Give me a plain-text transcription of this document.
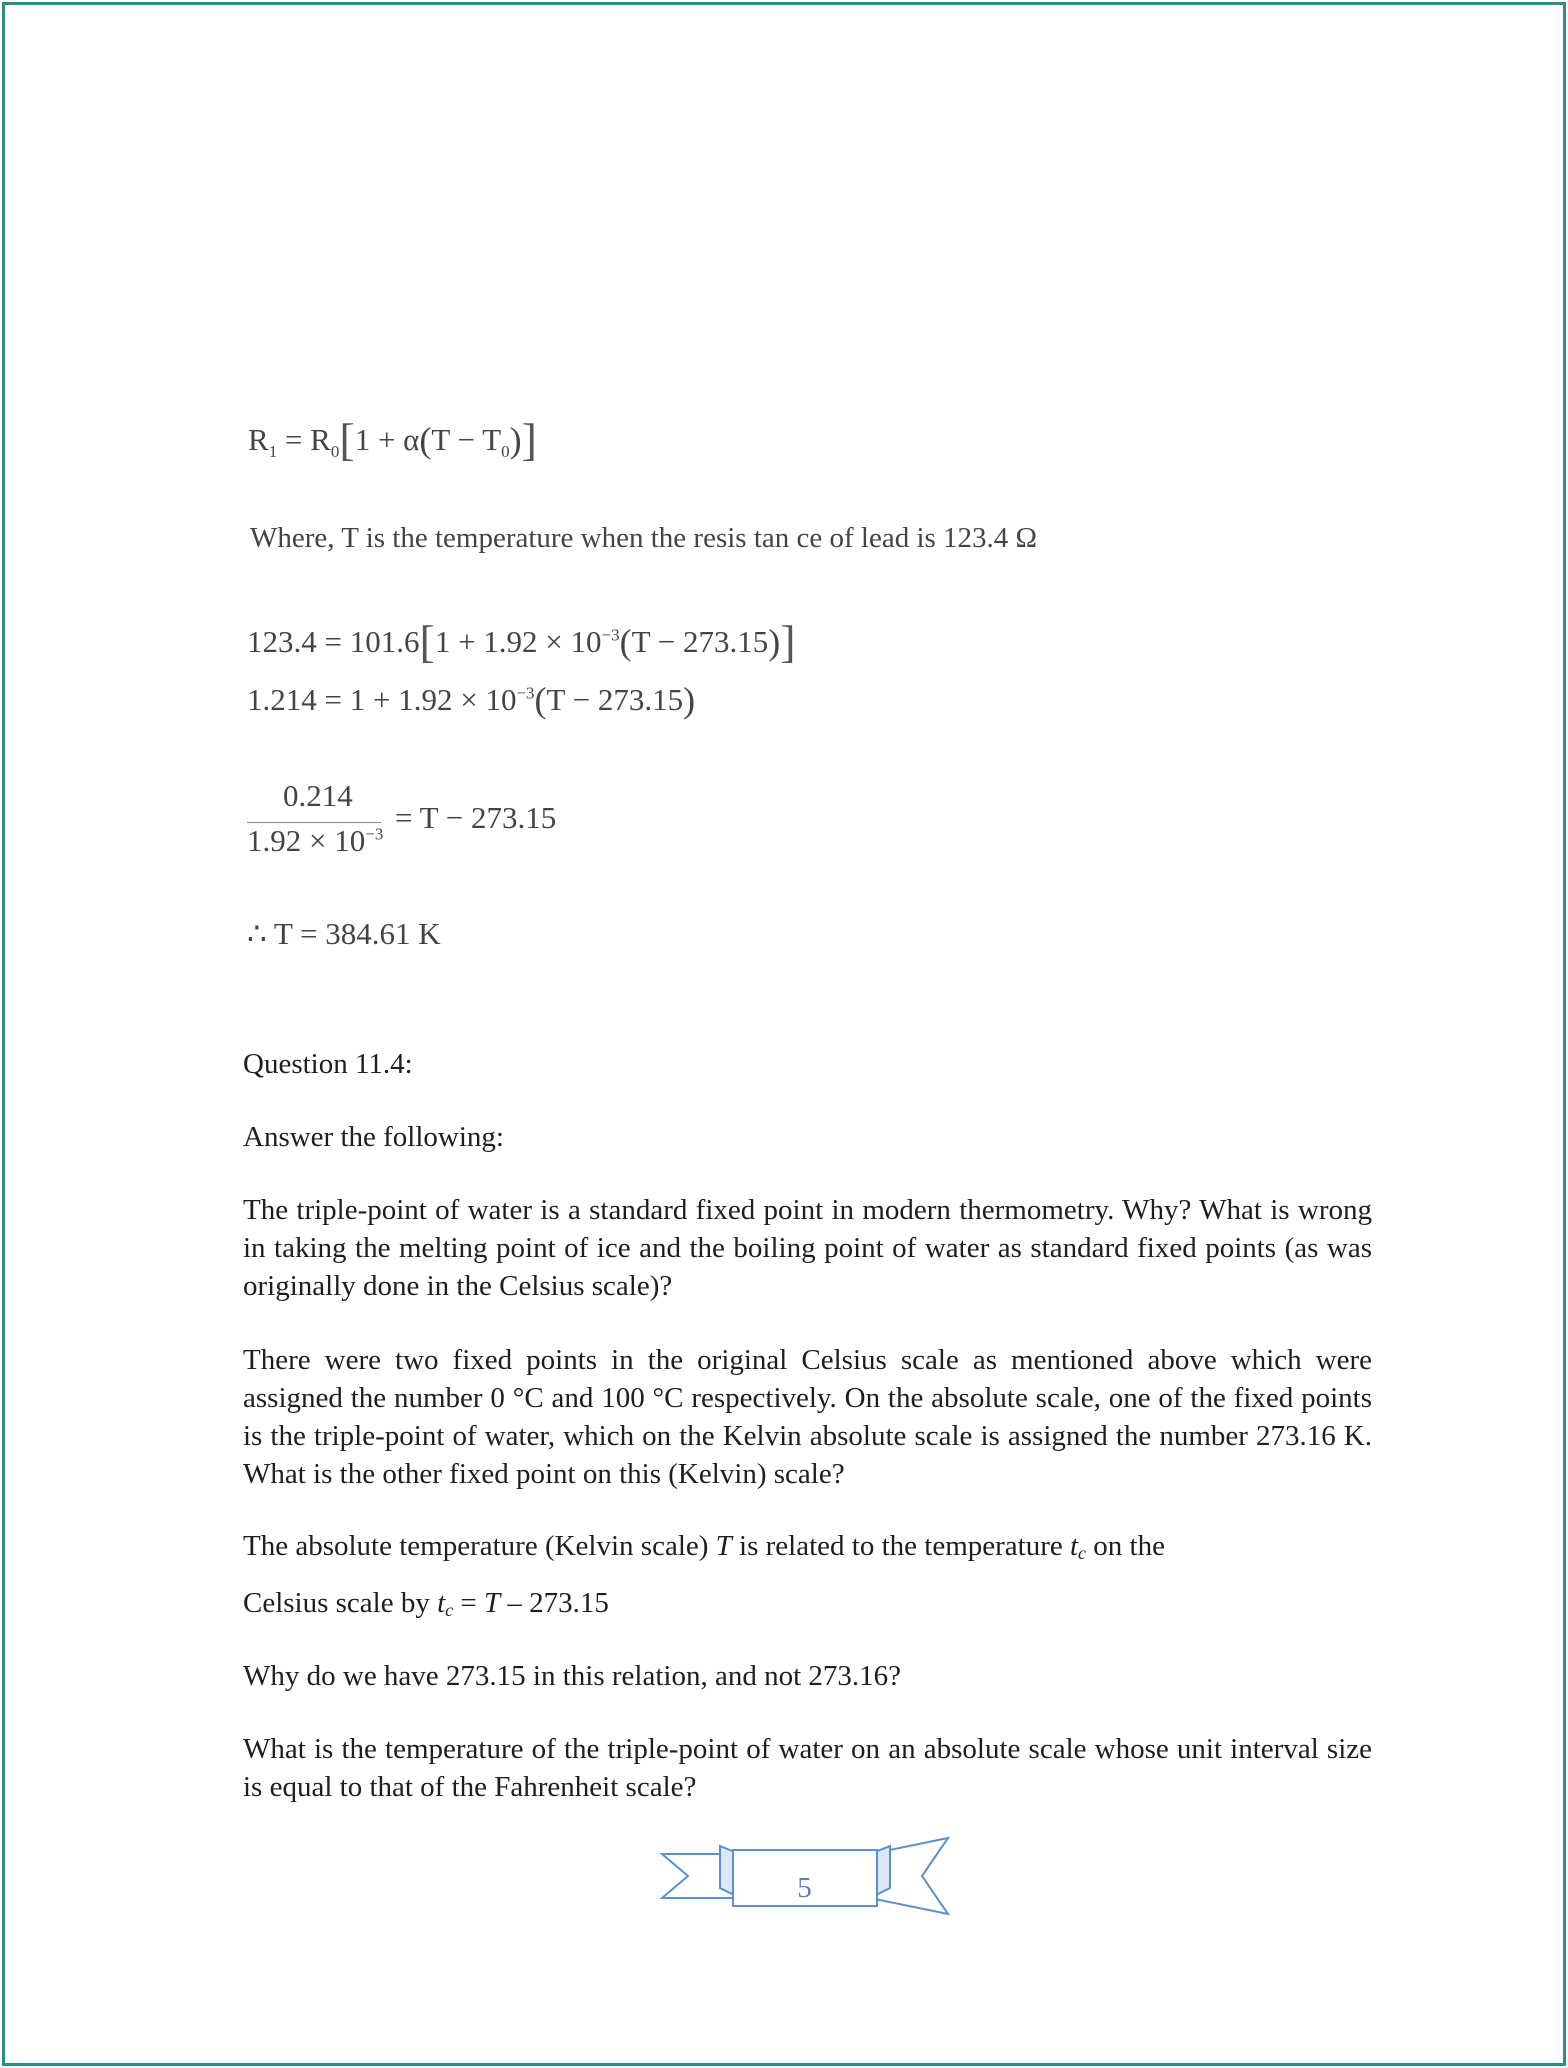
$R_1 = R_0[1 + \alpha(T - T_0)]$
Where, T is the temperature when the resis tan ce of lead is 123.4 Ω
$123.4 = 101.6[1 + 1.92 \times 10^{-3}(T - 273.15)]$
$1.214 = 1 + 1.92 \times 10^{-3}(T - 273.15)$
0.214
$1.92 \times 10^{-3} = T - 273.15$
∴ T = 384.61 K
Question 11.4:
Answer the following:
The triple-point of water is a standard fixed point in modern thermometry. Why? What is wrong in taking the melting point of ice and the boiling point of water as standard fixed points (as was originally done in the Celsius scale)?
There were two fixed points in the original Celsius scale as mentioned above which were assigned the number 0 °C and 100 °C respectively. On the absolute scale, one of the fixed points is the triple-point of water, which on the Kelvin absolute scale is assigned the number 273.16 K. What is the other fixed point on this (Kelvin) scale?
The absolute temperature (Kelvin scale) T is related to the temperature tc on the
Celsius scale by tc = T – 273.15
Why do we have 273.15 in this relation, and not 273.16?
What is the temperature of the triple-point of water on an absolute scale whose unit interval size is equal to that of the Fahrenheit scale?
5
